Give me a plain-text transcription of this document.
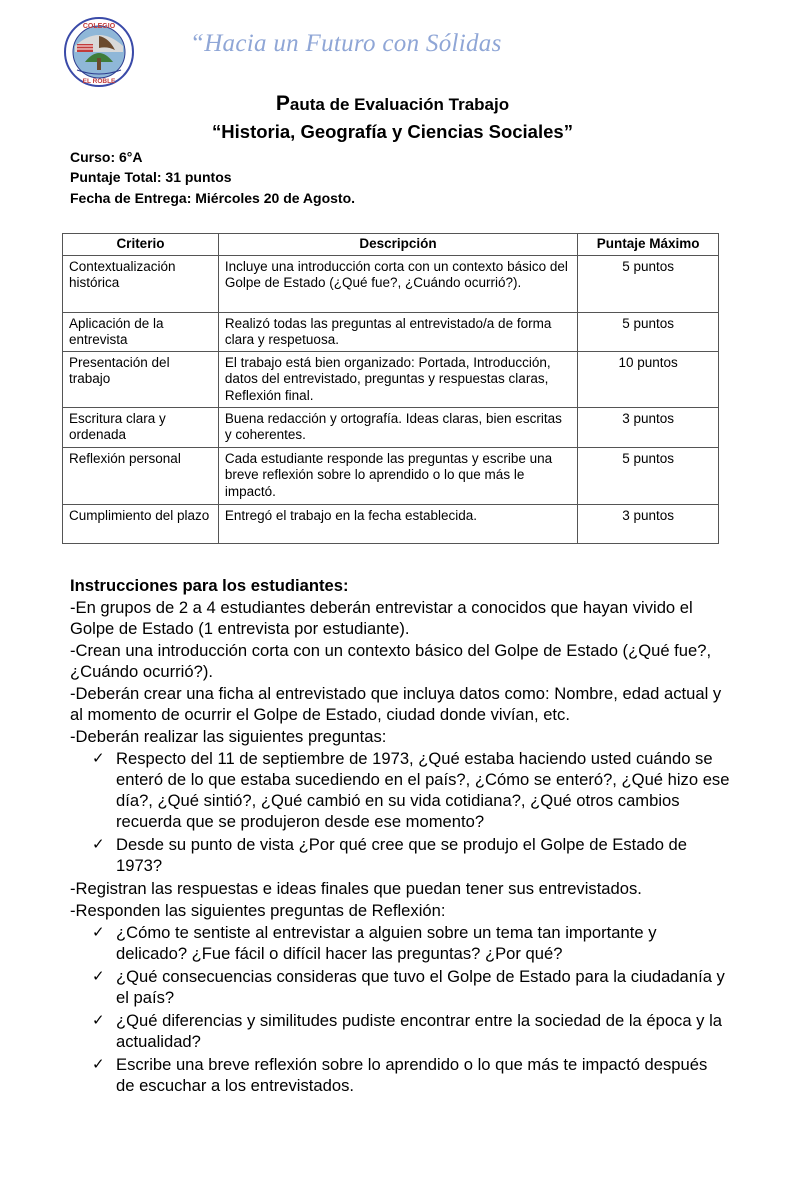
COLEGIO
EL ROBLE
“Hacia un Futuro con Sólidas
Pauta de Evaluación Trabajo
“Historia, Geografía y Ciencias Sociales”
Curso: 6°A
Puntaje Total: 31 puntos
Fecha de Entrega: Miércoles 20 de Agosto.
Criterio	Descripción	Puntaje Máximo
Contextualización histórica	Incluye una introducción corta con un contexto básico del Golpe de Estado (¿Qué fue?, ¿Cuándo ocurrió?).	5 puntos
Aplicación de la entrevista	Realizó todas las preguntas al entrevistado/a de forma clara y respetuosa.	5 puntos
Presentación del trabajo	El trabajo está bien organizado: Portada, Introducción, datos del entrevistado, preguntas y respuestas claras, Reflexión final.	10 puntos
Escritura clara y ordenada	Buena redacción y ortografía. Ideas claras, bien escritas y coherentes.	3 puntos
Reflexión personal	Cada estudiante responde las preguntas y escribe una breve reflexión sobre lo aprendido o lo que más le impactó.	5 puntos
Cumplimiento del plazo	Entregó el trabajo en la fecha establecida.	3 puntos

Instrucciones para los estudiantes:

-En grupos de 2 a 4 estudiantes deberán entrevistar a conocidos que hayan vivido el Golpe de Estado (1 entrevista por estudiante).

-Crean una introducción corta con un contexto básico del Golpe de Estado (¿Qué fue?, ¿Cuándo ocurrió?).

-Deberán crear una ficha al entrevistado que incluya datos como: Nombre, edad actual y al momento de ocurrir el Golpe de Estado, ciudad donde vivían, etc.

-Deberán realizar las siguientes preguntas:

✓ Respecto del 11 de septiembre de 1973, ¿Qué estaba haciendo usted cuándo se enteró de lo que estaba sucediendo en el país?, ¿Cómo se enteró?, ¿Qué hizo ese día?, ¿Qué sintió?, ¿Qué cambió en su vida cotidiana?, ¿Qué otros cambios recuerda que se produjeron desde ese momento?
✓ Desde su punto de vista ¿Por qué cree que se produjo el Golpe de Estado de 1973?

-Registran las respuestas e ideas finales que puedan tener sus entrevistados.

-Responden las siguientes preguntas de Reflexión:

✓ ¿Cómo te sentiste al entrevistar a alguien sobre un tema tan importante y delicado? ¿Fue fácil o difícil hacer las preguntas? ¿Por qué?
✓ ¿Qué consecuencias consideras que tuvo el Golpe de Estado para la ciudadanía y el país?
✓ ¿Qué diferencias y similitudes pudiste encontrar entre la sociedad de la época y la actualidad?
✓ Escribe una breve reflexión sobre lo aprendido o lo que más te impactó después de escuchar a los entrevistados.
